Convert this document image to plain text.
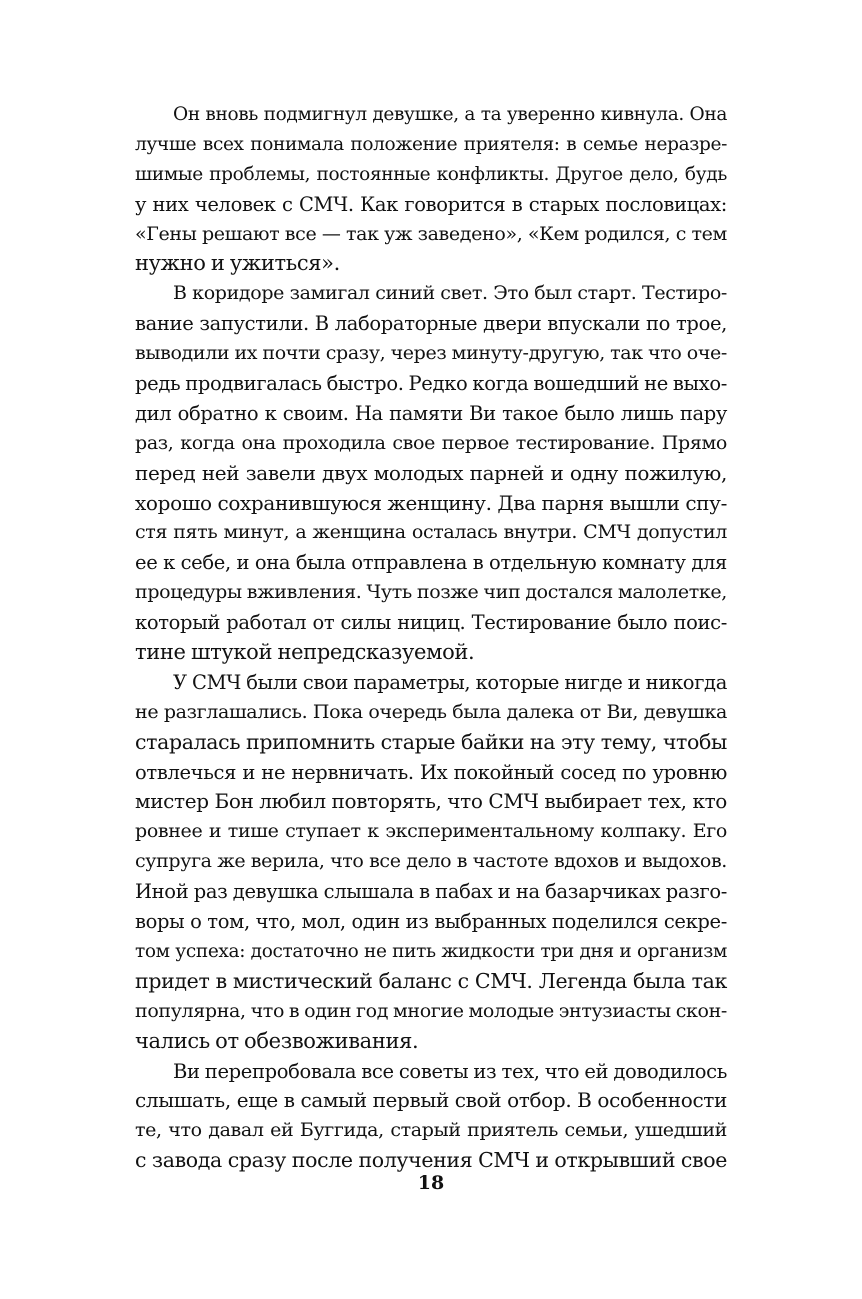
Он вновь подмигнул девушке, а та уверенно кивнула. Она
лучше всех понимала положение приятеля: в семье неразре-
шимые проблемы, постоянные конфликты. Другое дело, будь
у них человек с СМЧ. Как говорится в старых пословицах:
«Гены решают все — так уж заведено», «Кем родился, с тем
нужно и ужиться».
В коридоре замигал синий свет. Это был старт. Тестиро-
вание запустили. В лабораторные двери впускали по трое,
выводили их почти сразу, через минуту-другую, так что оче-
редь продвигалась быстро. Редко когда вошедший не выхо-
дил обратно к своим. На памяти Ви такое было лишь пару
раз, когда она проходила свое первое тестирование. Прямо
перед ней завели двух молодых парней и одну пожилую,
хорошо сохранившуюся женщину. Два парня вышли спу-
стя пять минут, а женщина осталась внутри. СМЧ допустил
ее к себе, и она была отправлена в отдельную комнату для
процедуры вживления. Чуть позже чип достался малолетке,
который работал от силы нициц. Тестирование было поис-
тине штукой непредсказуемой.
У СМЧ были свои параметры, которые нигде и никогда
не разглашались. Пока очередь была далека от Ви, девушка
старалась припомнить старые байки на эту тему, чтобы
отвлечься и не нервничать. Их покойный сосед по уровню
мистер Бон любил повторять, что СМЧ выбирает тех, кто
ровнее и тише ступает к экспериментальному колпаку. Его
супруга же верила, что все дело в частоте вдохов и выдохов.
Иной раз девушка слышала в пабах и на базарчиках разго-
воры о том, что, мол, один из выбранных поделился секре-
том успеха: достаточно не пить жидкости три дня и организм
придет в мистический баланс с СМЧ. Легенда была так
популярна, что в один год многие молодые энтузиасты скон-
чались от обезвоживания.
Ви перепробовала все советы из тех, что ей доводилось
слышать, еще в самый первый свой отбор. В особенности
те, что давал ей Буггида, старый приятель семьи, ушедший
с завода сразу после получения СМЧ и открывший свое
18
